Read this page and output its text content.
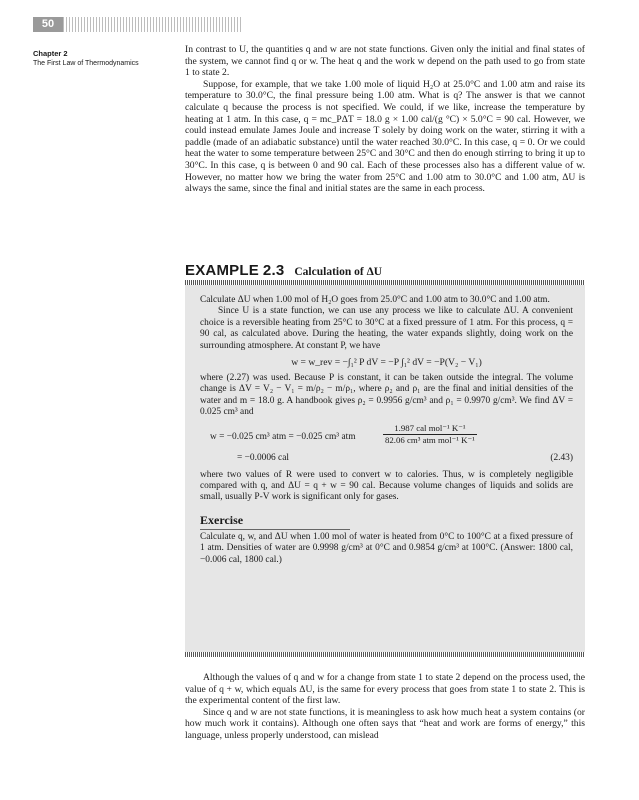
50
Chapter 2
The First Law of Thermodynamics

In contrast to U, the quantities q and w are not state functions. Given only the initial and final states of the system, we cannot find q or w. The heat q and the work w depend on the path used to go from state 1 to state 2.

Suppose, for example, that we take 1.00 mole of liquid H₂O at 25.0°C and 1.00 atm and raise its temperature to 30.0°C, the final pressure being 1.00 atm. What is q? The answer is that we cannot calculate q because the process is not specified. We could, if we like, increase the temperature by heating at 1 atm. In this case, q = mc_PΔT = 18.0 g × 1.00 cal/(g °C) × 5.0°C = 90 cal. However, we could instead emulate James Joule and increase T solely by doing work on the water, stirring it with a paddle (made of an adiabatic substance) until the water reached 30.0°C. In this case, q = 0. Or we could heat the water to some temperature between 25°C and 30°C and then do enough stirring to bring it up to 30°C. In this case, q is between 0 and 90 cal. Each of these processes also has a different value of w. However, no matter how we bring the water from 25°C and 1.00 atm to 30.0°C and 1.00 atm, ΔU is always the same, since the final and initial states are the same in each process.

EXAMPLE 2.3 Calculation of ΔU

Calculate ΔU when 1.00 mol of H₂O goes from 25.0°C and 1.00 atm to 30.0°C and 1.00 atm.

Since U is a state function, we can use any process we like to calculate ΔU. A convenient choice is a reversible heating from 25°C to 30°C at a fixed pressure of 1 atm. For this process, q = 90 cal, as calculated above. During the heating, the water expands slightly, doing work on the surrounding atmosphere. At constant P, we have

w = w_rev = −∫₁² P dV = −P ∫₁² dV = −P(V₂ − V₁)

where (2.27) was used. Because P is constant, it can be taken outside the integral. The volume change is ΔV = V₂ − V₁ = m/ρ₂ − m/ρ₁, where ρ₂ and ρ₁ are the final and initial densities of the water and m = 18.0 g. A handbook gives ρ₂ = 0.9956 g/cm³ and ρ₁ = 0.9970 g/cm³. We find ΔV = 0.025 cm³ and

w = −0.025 cm³ atm = −0.025 cm³ atm
1.987 cal mol⁻¹ K⁻¹
82.06 cm³ atm mol⁻¹ K⁻¹
= −0.0006 cal	(2.43)

where two values of R were used to convert w to calories. Thus, w is completely negligible compared with q, and ΔU = q + w = 90 cal. Because volume changes of liquids and solids are small, usually P-V work is significant only for gases.

Exercise

Calculate q, w, and ΔU when 1.00 mol of water is heated from 0°C to 100°C at a fixed pressure of 1 atm. Densities of water are 0.9998 g/cm³ at 0°C and 0.9854 g/cm³ at 100°C. (Answer: 1800 cal, −0.006 cal, 1800 cal.)

Although the values of q and w for a change from state 1 to state 2 depend on the process used, the value of q + w, which equals ΔU, is the same for every process that goes from state 1 to state 2. This is the experimental content of the first law.

Since q and w are not state functions, it is meaningless to ask how much heat a system contains (or how much work it contains). Although one often says that “heat and work are forms of energy,” this language, unless properly understood, can mislead
